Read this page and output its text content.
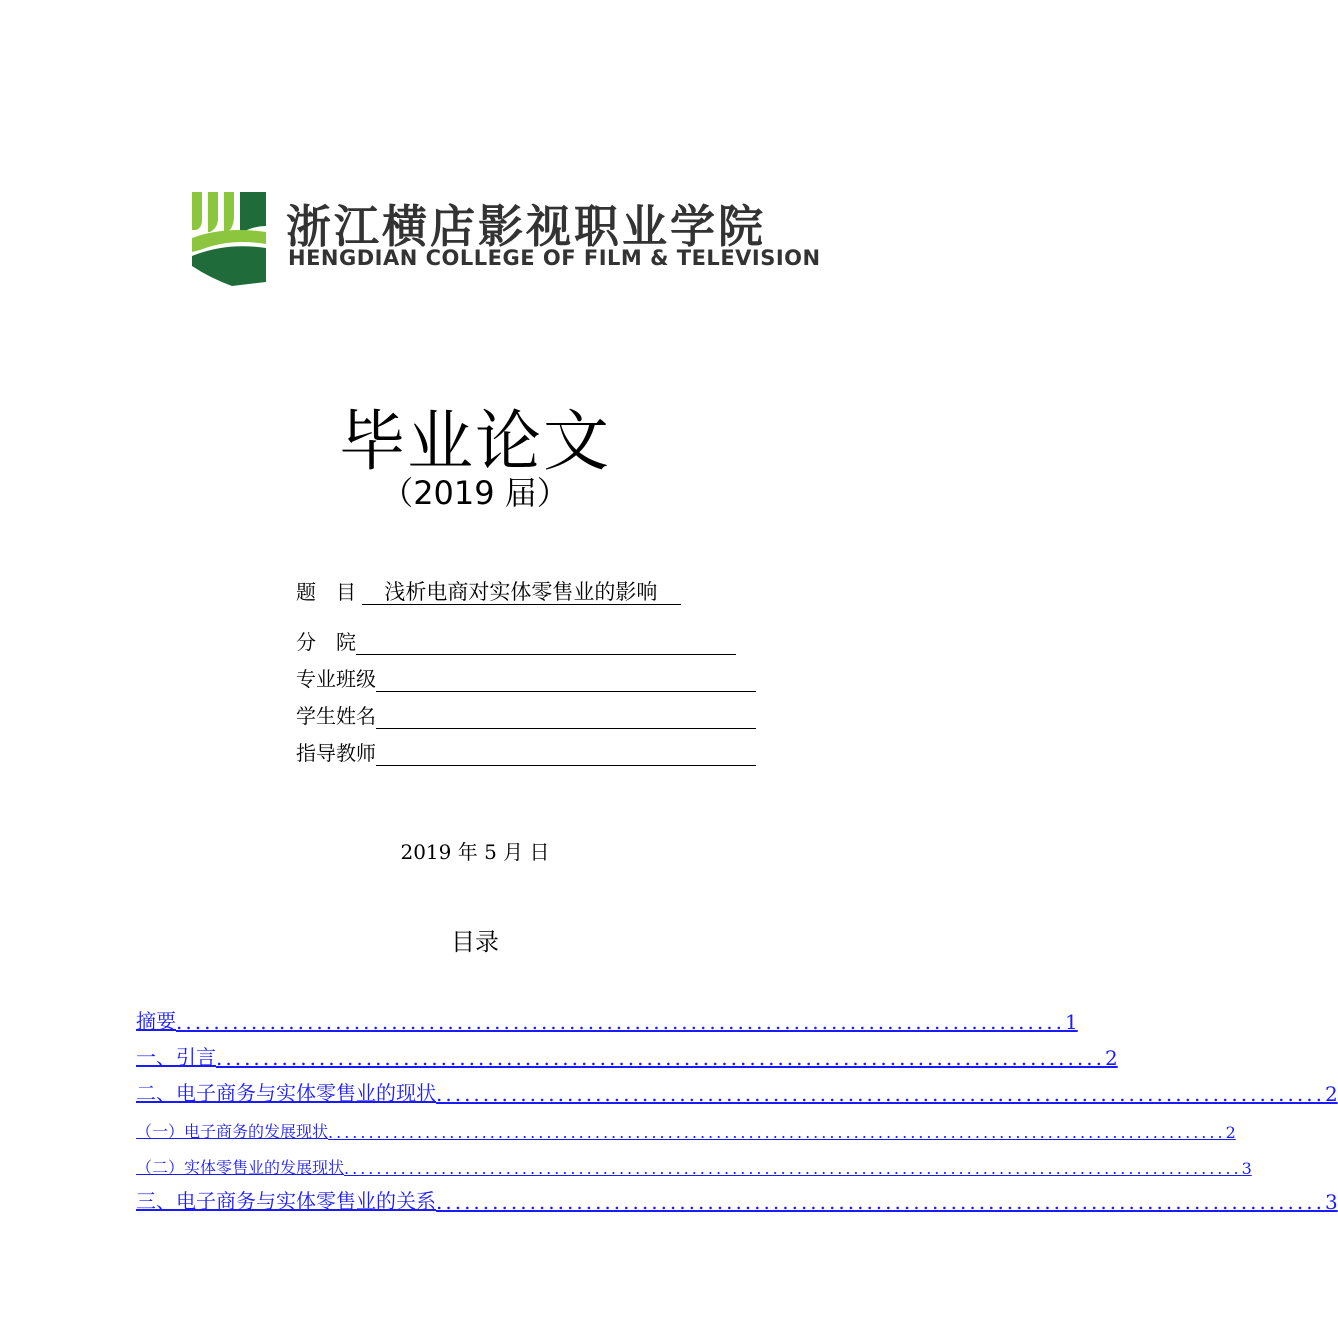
浙江横店影视职业学院
HENGDIAN COLLEGE OF FILM & TELEVISION
毕业论文
（2019 届）
题　目 浅析电商对实体零售业的影响
分　院
专业班级
学生姓名
指导教师
2019 年 5 月 日
目录
摘要 ............................................................................................... 1
一、引言 ............................................................................................... 2
二、电子商务与实体零售业的现状 ............................................................................................... 2
（一）电子商务的发展现状 ............................................................................................................... 2
（二）实体零售业的发展现状 ............................................................................................................... 3
三、电子商务与实体零售业的关系 ............................................................................................... 3
